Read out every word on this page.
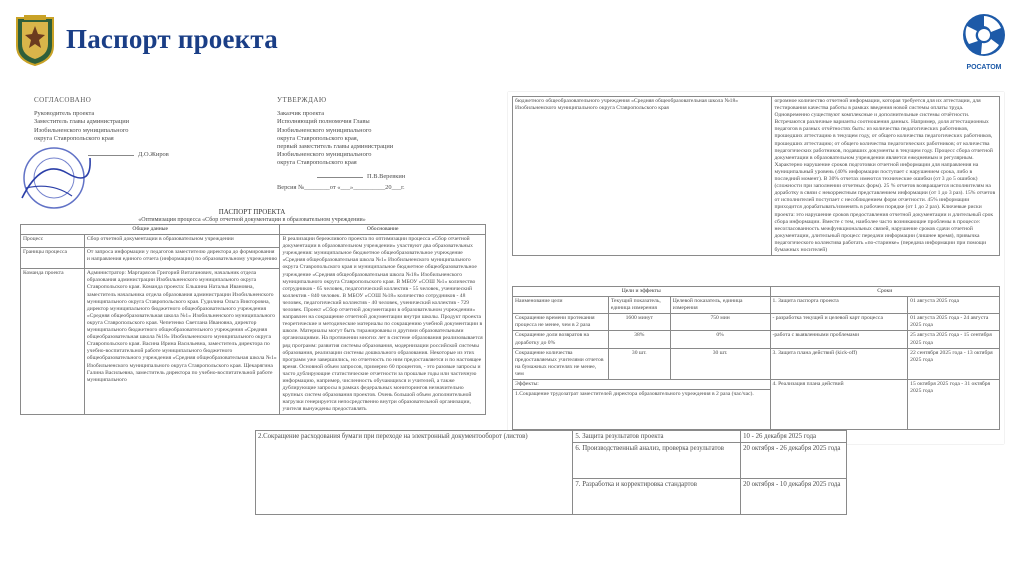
Паспорт проекта
РОСАТОМ
СОГЛАСОВАНО
Руководитель проекта
Заместитель главы администрации
Изобильненского муниципального
округа Ставропольского края
Д.О.Жиров
УТВЕРЖДАЮ
Заказчик проекта
Исполняющий полномочия Главы
Изобильненского муниципального
округа Ставропольского края,
первый заместитель главы администрации
Изобильненского муниципального
округа Ставропольского края
П.В.Веревкин
Версия №________от «___»__________20___г.
ПАСПОРТ ПРОЕКТА
«Оптимизация процесса «Сбор отчетной документации в образовательном учреждении»
Общие данные		Обоснование
Процесс	Сбор отчетной документации в образовательном учреждении	В реализации бережливого проекта по оптимизации процесса «Сбор отчетной документации в образовательном учреждении» участвуют два образовательных учреждения: муниципальное бюджетное общеобразовательное учреждение «Средняя общеобразовательная школа №1» Изобильненского муниципального округа Ставропольского края и муниципальное бюджетное общеобразовательное учреждение «Средняя общеобразовательная школа №18» Изобильненского муниципального округа Ставропольского края. В МБОУ «СОШ №1» количество сотрудников - 65 человек, педагогический коллектив - 55 человек, ученический коллектив - 840 человек. В МБОУ «СОШ №18» количество сотрудников - 48 человек, педагогический коллектив - 40 человек, ученический коллектив - 729 человек. Проект «Сбор отчетной документации в образовательном учреждении» направлен на сокращение отчетной документации внутри школы. Продукт проекта теоретические и методические материалы по сокращению учебной документации в школе. Материалы могут быть тиражированы и другими образовательными организациями. На протяжении многих лет в системе образования реализовывается ряд программ: развития системы образования, модернизации российской системы образования, реализации системы дошкольного образования. Некоторые из этих программ уже завершились, но отчетность по ним предоставляется и по настоящее время. Основной объем запросов, примерно 60 процентов, - это разовые запросы и часто дублирующие статистические отчетности за прошлые годы или частичную информацию, например, численность обучающихся и учителей, а также дублирующие запросы в рамках федеральных мониторингов незначительно крупных систем образования проектов. Очень большой объем дополнительной нагрузки генерируется непосредственно внутри образовательной организации, учителя вынуждены предоставлять
Границы процесса	От запроса информации у педагогов заместителю директора до формирования и направления единого отчета (информации) по образовательному учреждению	
Команда проекта	Администратор: Маргарясов Григорий Витаганович, начальник отдела образования администрации Изобильненского муниципального округа Ставропольского края. Команда проекта: Ельшина Наталья Ивановна, заместитель начальника отдела образования администрации Изобильненского муниципального округа Ставропольского края. Гудилина Ольга Викторовна, директор муниципального бюджетного общеобразовательного учреждения «Средняя общеобразовательная школа №1» Изобильненского муниципального округа Ставропольского края. Чепетенко Светлана Ивановна, директор муниципального бюджетного общеобразовательного учреждения «Средняя общеобразовательная школа №18» Изобильненского муниципального округа Ставропольского края. Васина Ирина Васильевна, заместитель директора по учебно-воспитательной работе муниципального бюджетного общеобразовательного учреждения «Средняя общеобразовательная школа №1» Изобильненского муниципального округа Ставропольского края. Щекарягина Галина Васильевна, заместитель директора по учебно-воспитательной работе муниципального	
бюджетного общеобразовательного учреждения «Средняя общеобразовательная школа №18» Изобильненского муниципального округа Ставропольского края	огромное количество отчетной информации, которая требуется для их аттестации, для тестирования качества работы в рамках введения новой системы оплаты труда. Одновременно существуют комплексные и дополнительные системы отчётности. Встречаются различные варианты соотношения данных. Например, доля аттестационных педагогов в разных отчётностях быть: из количества педагогических работников, прошедших аттестацию в текущем году, от общего количества педагогических работников, прошедших аттестацию; от общего количества педагогических работников; от количества педагогических работников, подавших документы в текущем году. Процесс сбора отчетной документации в образовательном учреждении является ежедневным и регулярным. Характерно нарушение сроков подготовки отчетной информации для направления на муниципальный уровень (40% информации поступает с нарушением срока, либо в последний момент). В 30% отчетах имеются технические ошибки (от 3 до 5 ошибок) (сложности при заполнении отчетных форм). 25 % отчетов возвращается исполнителям на доработку в связи с некорректным представлением информации (от 1 до 3 раз). 15% отчетов от исполнителей поступает с несоблюдением форм отчетности. 45% информации приходится дорабатывать/изменять в рабочем порядке (от 1 до 2 раз). Ключевые риски проекта: это нарушение сроков предоставления отчетной документации и длительный срок сбора информации. Вместе с тем, наиболее часто возникающие проблемы в процессе: несогласованность межфункциональных связей, нарушение сроков сдачи отчетной документации, длительный процесс передачи информации (лишнее время), привычка педагогического коллектива работать «по-старинке» (передача информации при помощи бумажных носителей)
Цели и эффекты			Сроки	
Наименование цели	Текущий показатель, единица измерения	Целевой показатель, единица измерения	1. Защита паспорта проекта	01 августа 2025 года
Сокращение времени протекания процесса не менее, чем в 2 раза	1600 минут	750 мин	- разработка текущей и целевой карт процесса	01 августа 2025 года - 24 августа 2025 года
Сокращение доли возвратов на доработку до 0%	38%	0%	-работа с выявленными проблемами	25 августа 2025 года - 15 сентября 2025 года
Сокращение количества предоставляемых учителями отчетов на бумажных носителях не менее, чем	30 шт.	30 шт.	3. Защита плана действий (kick-off)	22 сентября 2025 года - 13 октября 2025 года
Эффекты:			4. Реализация плана действий	15 октября 2025 года - 31 октября 2025 года
1.Сокращение трудозатрат заместителей директора образовательного учреждения в 2 раза (час/час).				
2.Сокращение расходования бумаги при переходе на электронный документооборот (листов)	5. Защита результатов проекта	10 - 26 декабря 2025 года
	6. Производственный анализ, проверка результатов	20 октября - 26 декабря 2025 года
	7. Разработка и корректировка стандартов	20 октября - 10 декабря 2025 года
